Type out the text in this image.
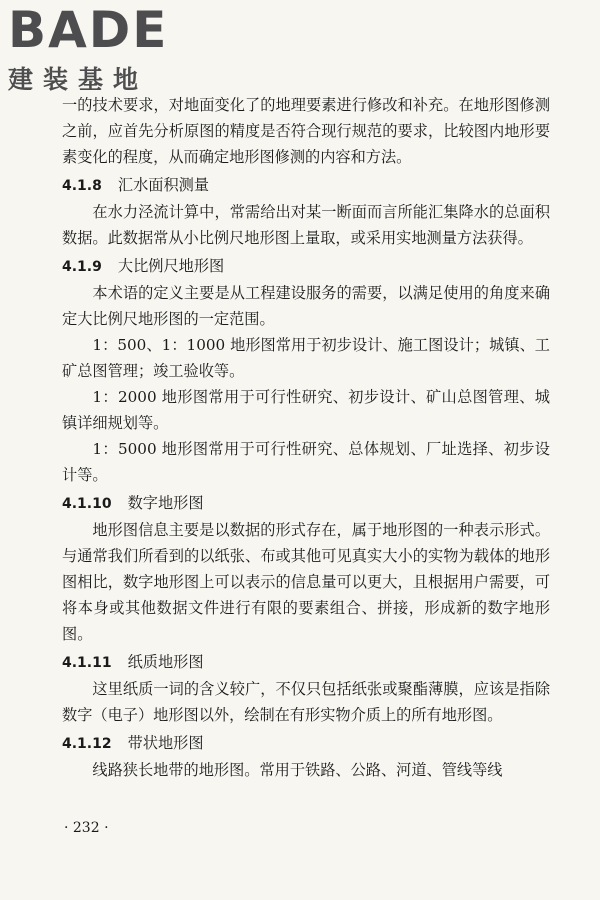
BADE
建装基地

一的技术要求，对地面变化了的地理要素进行修改和补充。在地形图修测之前，应首先分析原图的精度是否符合现行规范的要求，比较图内地形要素变化的程度，从而确定地形图修测的内容和方法。

4.1.8 汇水面积测量

在水力泾流计算中，常需给出对某一断面而言所能汇集降水的总面积数据。此数据常从小比例尺地形图上量取，或采用实地测量方法获得。

4.1.9 大比例尺地形图

本术语的定义主要是从工程建设服务的需要，以满足使用的角度来确定大比例尺地形图的一定范围。

1：500、1：1000 地形图常用于初步设计、施工图设计；城镇、工矿总图管理；竣工验收等。

1：2000 地形图常用于可行性研究、初步设计、矿山总图管理、城镇详细规划等。

1：5000 地形图常用于可行性研究、总体规划、厂址选择、初步设计等。

4.1.10 数字地形图

地形图信息主要是以数据的形式存在，属于地形图的一种表示形式。与通常我们所看到的以纸张、布或其他可见真实大小的实物为载体的地形图相比，数字地形图上可以表示的信息量可以更大，且根据用户需要，可将本身或其他数据文件进行有限的要素组合、拼接，形成新的数字地形图。

4.1.11 纸质地形图

这里纸质一词的含义较广，不仅只包括纸张或聚酯薄膜，应该是指除数字（电子）地形图以外，绘制在有形实物介质上的所有地形图。

4.1.12 带状地形图

线路狭长地带的地形图。常用于铁路、公路、河道、管线等线

· 232 ·
